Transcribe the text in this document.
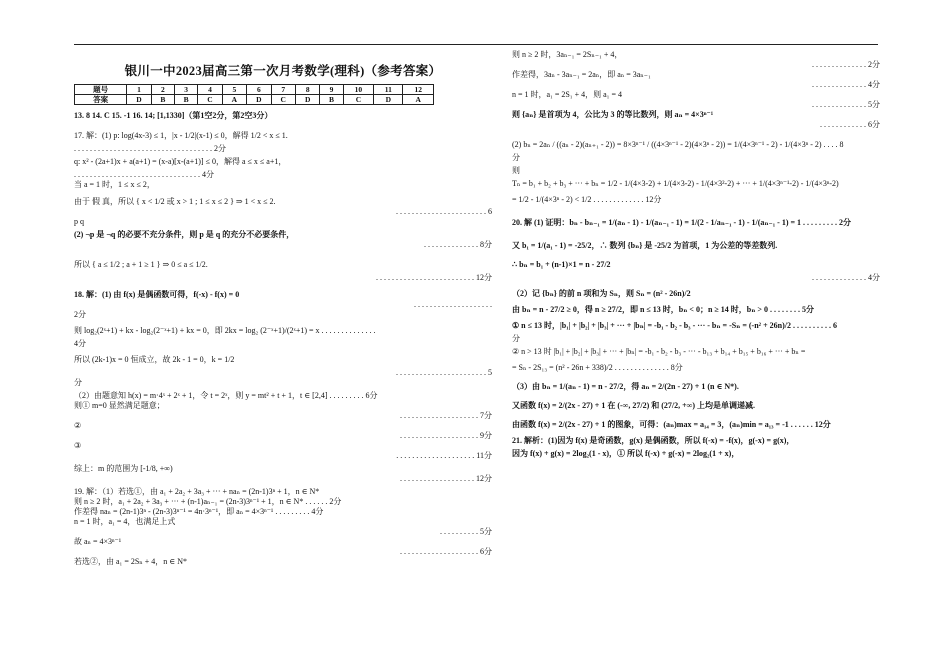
银川一中2023届高三第一次月考数学(理科)（参考答案）
题号	1	2	3	4	5	6	7	8	9	10	11	12
答案	D	B	B	C	A	D	C	D	B	C	D	A

13. 8 14. C 15. -1 16. 14; [1,1330]（第1空2分，第2空3分）

17. 解：(1) p: log(4x-3) ≤ 1，|x - 1/2|(x-1) ≤ 0，解得 1/2 < x ≤ 1.

. . . . . . . . . . . . . . . . . . . . . . . . . . . . . . . . . . . 2分

q: x² - (2a+1)x + a(a+1) = (x-a)[x-(a+1)] ≤ 0，解得 a ≤ x ≤ a+1，

. . . . . . . . . . . . . . . . . . . . . . . . . . . . . . . . 4分

当 a = 1 时，1 ≤ x ≤ 2，

由于 假 真，所以 { x < 1/2 或 x > 1 ; 1 ≤ x ≤ 2 } ⇒ 1 < x ≤ 2.

. . . . . . . . . . . . . . . . . . . . . . . 6

p q

(2) ¬p 是 ¬q 的必要不充分条件，则 p 是 q 的充分不必要条件，

. . . . . . . . . . . . . . 8分

所以 { a ≤ 1/2 ; a + 1 ≥ 1 } ⇒ 0 ≤ a ≤ 1/2.

. . . . . . . . . . . . . . . . . . . . . . . . . 12分

18. 解：(1) 由 f(x) 是偶函数可得，f(-x) - f(x) = 0

. . . . . . . . . . . . . . . . . . . .

2分

则 log₂(2ˣ+1) + kx - log₂(2⁻ˣ+1) + kx = 0，即 2kx = log₂ (2⁻ˣ+1)/(2ˣ+1) = x . . . . . . . . . . . . . .

4分

所以 (2k-1)x = 0 恒成立，故 2k - 1 = 0，k = 1/2

. . . . . . . . . . . . . . . . . . . . . . . 5

分

（2）由题意知 h(x) = m·4ˣ + 2ˣ + 1，令 t = 2ˣ，则 y = mt² + t + 1，t ∈ [2,4] . . . . . . . . . 6分

则① m=0 显然满足题意；

. . . . . . . . . . . . . . . . . . . . 7分

②

. . . . . . . . . . . . . . . . . . . . 9分

③

. . . . . . . . . . . . . . . . . . . . 11分

综上：m 的范围为 [-1/8, +∞)

. . . . . . . . . . . . . . . . . . . 12分

19. 解：（1）若选①，由 a₁ + 2a₂ + 3a₃ + ··· + naₙ = (2n-1)3ⁿ + 1，n ∈ N*

则 n ≥ 2 时，a₁ + 2a₂ + 3a₃ + ··· + (n-1)aₙ₋₁ = (2n-3)3ⁿ⁻¹ + 1，n ∈ N* . . . . . . 2分

作差得 naₙ = (2n-1)3ⁿ - (2n-3)3ⁿ⁻¹ = 4n·3ⁿ⁻¹，即 aₙ = 4×3ⁿ⁻¹ . . . . . . . . . 4分

n = 1 时，a₁ = 4，也满足上式

. . . . . . . . . . 5分

故 aₙ = 4×3ⁿ⁻¹

. . . . . . . . . . . . . . . . . . . . 6分

若选②，由 a₁ = 2Sₙ + 4，n ∈ N*

则 n ≥ 2 时，3aₙ₋₁ = 2Sₙ₋₁ + 4，

. . . . . . . . . . . . . . 2分

作差得，3aₙ - 3aₙ₋₁ = 2aₙ，即 aₙ = 3aₙ₋₁

. . . . . . . . . . . . . . 4分

n = 1 时，a₁ = 2S₁ + 4，则 a₁ = 4

. . . . . . . . . . . . . . 5分

则 {aₙ} 是首项为 4，公比为 3 的等比数列，则 aₙ = 4×3ⁿ⁻¹

. . . . . . . . . . . . 6分

(2) bₙ = 2aₙ / ((aₙ - 2)(aₙ₊₁ - 2)) = 8×3ⁿ⁻¹ / ((4×3ⁿ⁻¹ - 2)(4×3ⁿ - 2)) = 1/(4×3ⁿ⁻¹ - 2) - 1/(4×3ⁿ - 2) . . . . 8

分

则

Tₙ = b₁ + b₂ + b₃ + ··· + bₙ = 1/2 - 1/(4×3-2) + 1/(4×3-2) - 1/(4×3²-2) + ··· + 1/(4×3ⁿ⁻¹-2) - 1/(4×3ⁿ-2)

= 1/2 - 1/(4×3ⁿ - 2) < 1/2 . . . . . . . . . . . . . 12分

20. 解 (1) 证明：bₙ - bₙ₋₁ = 1/(aₙ - 1) - 1/(aₙ₋₁ - 1) = 1/(2 - 1/aₙ₋₁ - 1) - 1/(aₙ₋₁ - 1) = 1 . . . . . . . . . 2分

又 b₁ = 1/(a₁ - 1) = -25/2，∴ 数列 {bₙ} 是 -25/2 为首项，1 为公差的等差数列.

∴ bₙ = b₁ + (n-1)×1 = n - 27/2

. . . . . . . . . . . . . . 4分

（2）记 {bₙ} 的前 n 项和为 Sₙ，则 Sₙ = (n² - 26n)/2

由 bₙ = n - 27/2 ≥ 0，得 n ≥ 27/2，即 n ≤ 13 时，bₙ < 0；n ≥ 14 时，bₙ > 0 . . . . . . . . 5分

① n ≤ 13 时，|b₁| + |b₂| + |b₃| + ··· + |bₙ| = -b₁ - b₂ - b₃ - ··· - bₙ = -Sₙ = (-n² + 26n)/2 . . . . . . . . . . 6

分

② n > 13 时 |b₁| + |b₂| + |b₃| + ··· + |bₙ| = -b₁ - b₂ - b₃ - ··· - b₁₃ + b₁₄ + b₁₅ + b₁₆ + ··· + bₙ =

= Sₙ - 2S₁₃ = (n² - 26n + 338)/2 . . . . . . . . . . . . . . 8分

（3）由 bₙ = 1/(aₙ - 1) = n - 27/2，得 aₙ = 2/(2n - 27) + 1 (n ∈ N*).

又函数 f(x) = 2/(2x - 27) + 1 在 (-∞, 27/2) 和 (27/2, +∞) 上均是单调递减.

由函数 f(x) = 2/(2x - 27) + 1 的图象，可得：(aₙ)max = a₁₄ = 3，(aₙ)min = a₁₃ = -1 . . . . . . 12分

21. 解析：(1)因为 f(x) 是奇函数，g(x) 是偶函数，所以 f(-x) = -f(x)，g(-x) = g(x)，

因为 f(x) + g(x) = 2log₂(1 - x)，① 所以 f(-x) + g(-x) = 2log₂(1 + x)，
